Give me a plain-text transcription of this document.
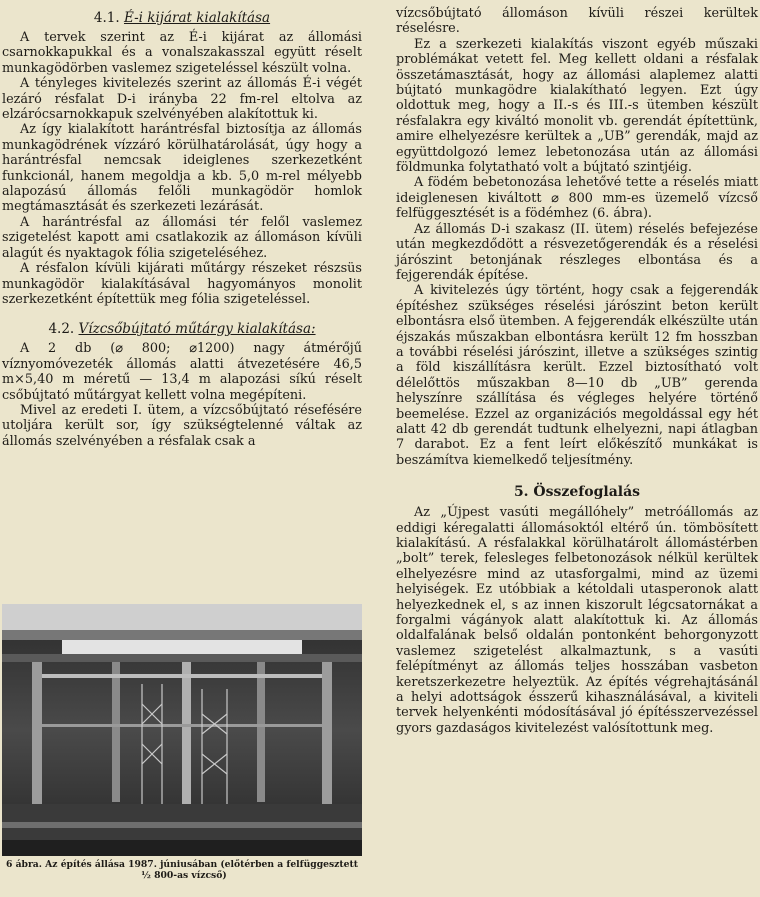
4.1. É-i kijárat kialakítása

A tervek szerint az É-i kijárat az állomási csarnokkapukkal és a vonalszakasszal együtt réselt munkagödörben vaslemez szigeteléssel készült volna.

A tényleges kivitelezés szerint az állomás É-i végét lezáró résfalat D-i irányba 22 fm-rel eltolva az elzárócsarnokkapuk szelvényében alakítottuk ki.

Az így kialakított harántrésfal biztosítja az állomás munkagödrének vízzáró körülhatárolását, úgy hogy a harántrésfal nemcsak ideiglenes szerkezetként funkcionál, hanem megoldja a kb. 5,0 m-rel mélyebb alapozású állomás felőli munkagödör homlok megtámasztását és szerkezeti lezárását.

A harántrésfal az állomási tér felől vaslemez szigetelést kapott ami csatlakozik az állomáson kívüli alagút és nyaktagok fólia szigeteléséhez.

A résfalon kívüli kijárati műtárgy részeket részsüs munkagödör kialakításával hagyományos monolit szerkezetként építettük meg fólia szigeteléssel.

4.2. Vízcsőbújtató műtárgy kialakítása:

A 2 db (⌀ 800; ⌀1200) nagy átmérőjű víznyomóvezeték állomás alatti átvezetésére 46,5 m×5,40 m méretű — 13,4 m alapozási síkú réselt csőbújtató műtárgyat kellett volna megépíteni.

Mivel az eredeti I. ütem, a vízcsőbújtató résefésére utoljára került sor, így szükségtelenné váltak az állomás szelvényében a résfalak csak a

6 ábra. Az építés állása 1987. júniusában (előtérben a felfüggesztett
½ 800-as vízcső)

vízcsőbújtató állomáson kívüli részei kerültek réselésre.

Ez a szerkezeti kialakítás viszont egyéb műszaki problémákat vetett fel. Meg kellett oldani a résfalak összetámasztását, hogy az állomási alaplemez alatti bújtató munkagödre kialakítható legyen. Ezt úgy oldottuk meg, hogy a II.-s és III.-s ütemben készült résfalakra egy kiváltó monolit vb. gerendát építettünk, amire elhelyezésre kerültek a „UB” gerendák, majd az együttdolgozó lemez lebetonozása után az állomási földmunka folytatható volt a bújtató szintjéig.

A födém bebetonozása lehetővé tette a réselés miatt ideiglenesen kiváltott ⌀ 800 mm-es üzemelő vízcső felfüggesztését is a födémhez (6. ábra).

Az állomás D-i szakasz (II. ütem) réselés befejezése után megkezdődött a résvezetőgerendák és a réselési járószint betonjának részleges elbontása és a fejgerendák építése.

A kivitelezés úgy történt, hogy csak a fejgerendák építéshez szükséges réselési járószint beton került elbontásra első ütemben. A fejgerendák elkészülte után éjszakás műszakban elbontásra került 12 fm hosszban a további réselési járószint, illetve a szükséges szintig a föld kiszállításra került. Ezzel biztosítható volt délelőttös műszakban 8—10 db „UB” gerenda helyszínre szállítása és végleges helyére történő beemelése. Ezzel az organizációs megoldással egy hét alatt 42 db gerendát tudtunk elhelyezni, napi átlagban 7 darabot. Ez a fent leírt előkészítő munkákat is beszámítva kiemelkedő teljesítmény.

5. Összefoglalás

Az „Újpest vasúti megállóhely” metróállomás az eddigi kéregalatti állomásoktól eltérő ún. tömbösített kialakítású. A résfalakkal körülhatárolt állomástérben „bolt” terek, felesleges felbetonozások nélkül kerültek elhelyezésre mind az utasforgalmi, mind az üzemi helyiségek. Ez utóbbiak a kétoldali utasperonok alatt helyezkednek el, s az innen kiszorult légcsatornákat a forgalmi vágányok alatt alakítottuk ki. Az állomás oldalfalának belső oldalán pontonként behorgonyzott vaslemez szigetelést alkalmaztunk, s a vasúti felépítményt az állomás teljes hosszában vasbeton keretszerkezetre helyeztük. Az építés végrehajtásánál a helyi adottságok ésszerű kihasználásával, a kiviteli tervek helyenkénti módosításával jó építésszervezéssel gyors gazdaságos kivitelezést valósítottunk meg.
